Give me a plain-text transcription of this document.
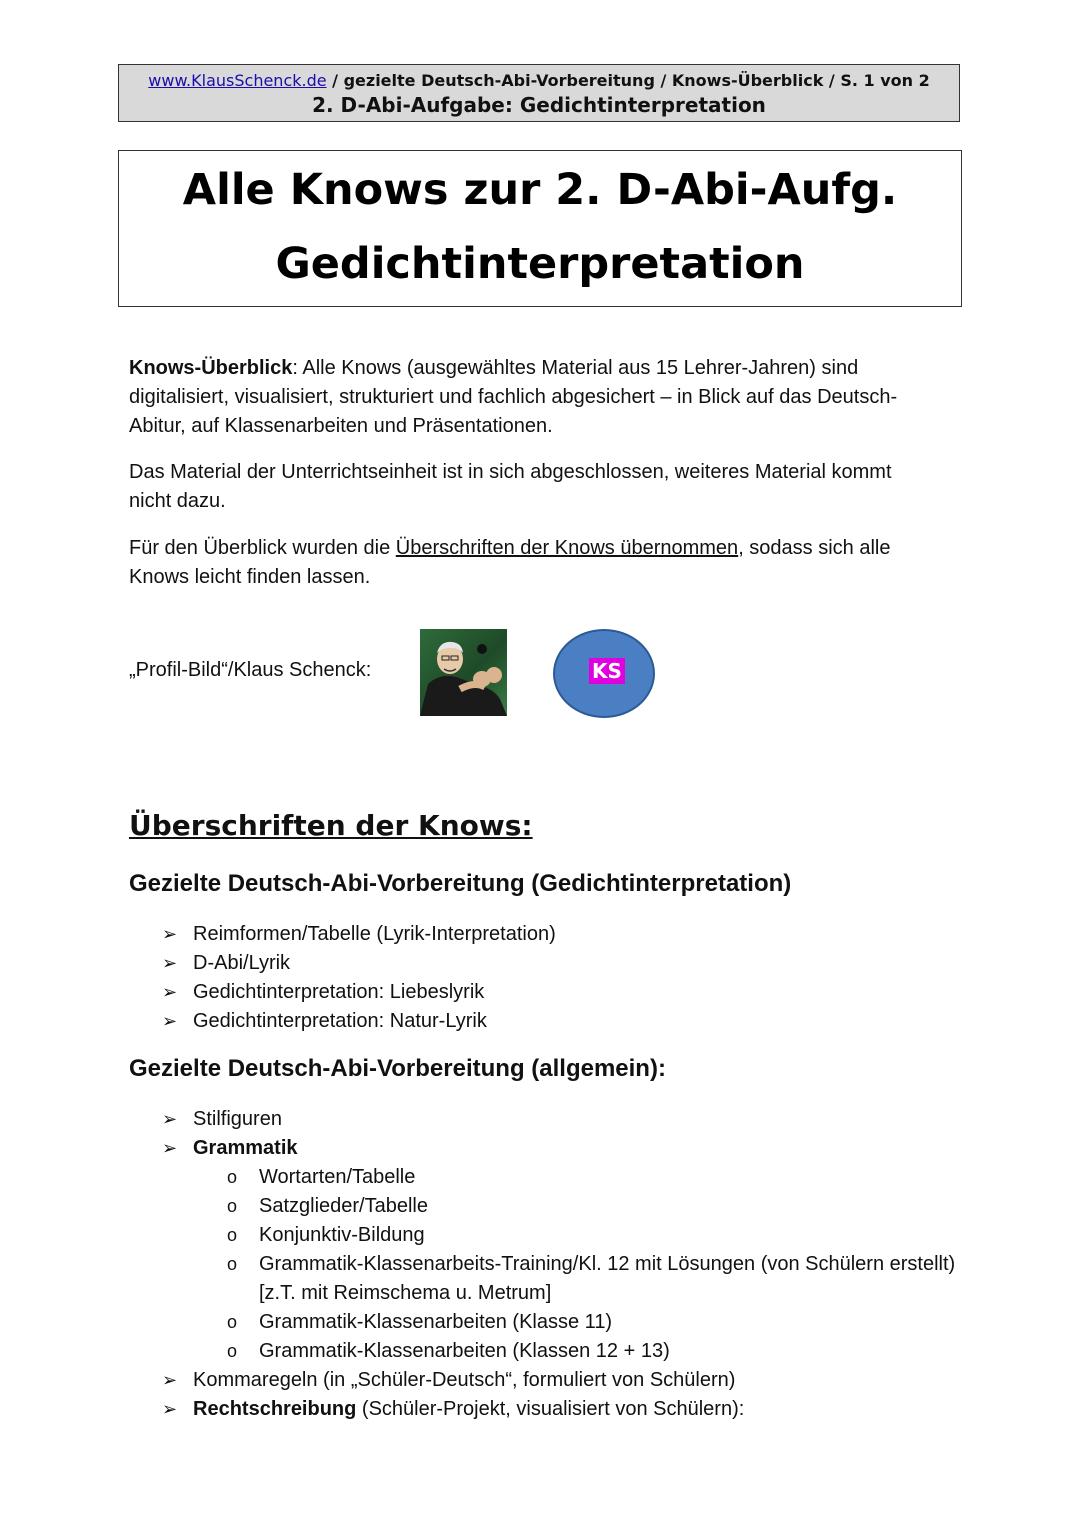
www.KlausSchenck.de / gezielte Deutsch-Abi-Vorbereitung / Knows-Überblick / S. 1 von 2
2. D-Abi-Aufgabe: Gedichtinterpretation
Alle Knows zur 2. D-Abi-Aufg.
Gedichtinterpretation
Knows-Überblick: Alle Knows (ausgewähltes Material aus 15 Lehrer-Jahren) sind digitalisiert, visualisiert, strukturiert und fachlich abgesichert – in Blick auf das Deutsch-Abitur, auf Klassenarbeiten und Präsentationen.
Das Material der Unterrichtseinheit ist in sich abgeschlossen, weiteres Material kommt nicht dazu.
Für den Überblick wurden die Überschriften der Knows übernommen, sodass sich alle Knows leicht finden lassen.
„Profil-Bild“/Klaus Schenck:	KS
Überschriften der Knows:
Gezielte Deutsch-Abi-Vorbereitung (Gedichtinterpretation)
➢ Reimformen/Tabelle (Lyrik-Interpretation)
➢ D-Abi/Lyrik
➢ Gedichtinterpretation: Liebeslyrik
➢ Gedichtinterpretation: Natur-Lyrik
Gezielte Deutsch-Abi-Vorbereitung (allgemein):
➢ Stilfiguren
➢ Grammatik
o Wortarten/Tabelle
o Satzglieder/Tabelle
o Konjunktiv-Bildung
o Grammatik-Klassenarbeits-Training/Kl. 12 mit Lösungen (von Schülern erstellt) [z.T. mit Reimschema u. Metrum]
o Grammatik-Klassenarbeiten (Klasse 11)
o Grammatik-Klassenarbeiten (Klassen 12 + 13)
➢ Kommaregeln (in „Schüler-Deutsch“, formuliert von Schülern)
➢ Rechtschreibung (Schüler-Projekt, visualisiert von Schülern):
